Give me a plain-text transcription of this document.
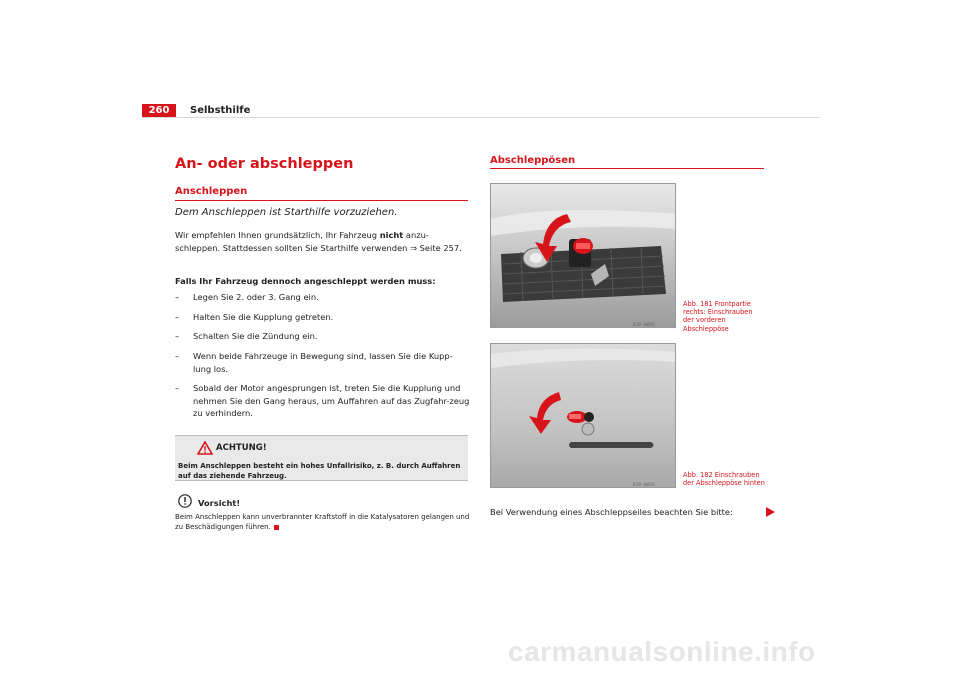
260	Selbsthilfe
An- oder abschleppen
Anschleppen
Dem Anschleppen ist Starthilfe vorzuziehen.
Wir empfehlen Ihnen grundsätzlich, Ihr Fahrzeug nicht anzu-schleppen. Stattdessen sollten Sie Starthilfe verwenden ⇒ Seite 257.
Falls Ihr Fahrzeug dennoch angeschleppt werden muss:
– Legen Sie 2. oder 3. Gang ein.
– Halten Sie die Kupplung getreten.
– Schalten Sie die Zündung ein.
– Wenn beide Fahrzeuge in Bewegung sind, lassen Sie die Kupp-lung los.
– Sobald der Motor angesprungen ist, treten Sie die Kupplung und nehmen Sie den Gang heraus, um Auffahren auf das Zugfahr-zeug zu verhindern.
ACHTUNG!
Beim Anschleppen besteht ein hohes Unfallrisiko, z. B. durch Auffahren auf das ziehende Fahrzeug.
Vorsicht!
Beim Anschleppen kann unverbrannter Kraftstoff in die Katalysatoren gelangen und zu Beschädigungen führen.
Abschleppösen
B1P-0092
Abb. 181 Frontpartie rechts: Einschrauben der vorderen Abschleppöse
B1P-0093
Abb. 182 Einschrauben der Abschleppöse hinten
Bei Verwendung eines Abschleppseiles beachten Sie bitte:
carmanualsonline.info
